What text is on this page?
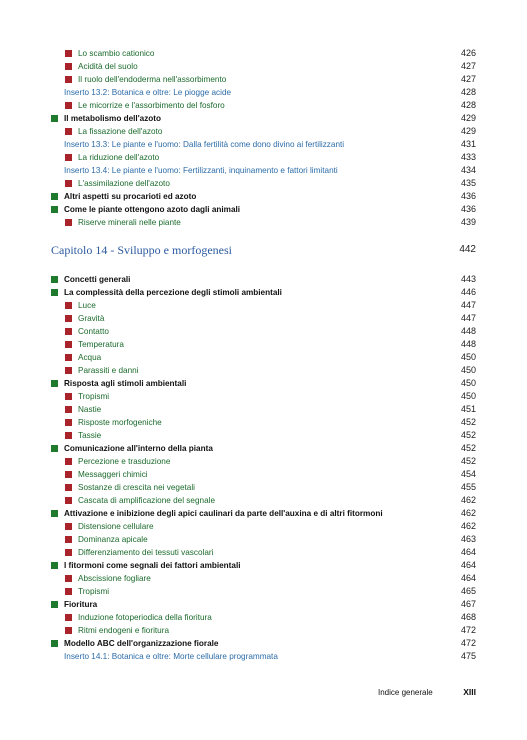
Lo scambio cationico	426
Acidità del suolo	427
Il ruolo dell'endoderma nell'assorbimento	427
Inserto 13.2: Botanica e oltre: Le piogge acide	428
Le micorrize e l'assorbimento del fosforo	428
Il metabolismo dell'azoto	429
La fissazione dell'azoto	429
Inserto 13.3: Le piante e l'uomo: Dalla fertilità come dono divino ai fertilizzanti	431
La riduzione dell'azoto	433
Inserto 13.4: Le piante e l'uomo: Fertilizzanti, inquinamento e fattori limitanti	434
L'assimilazione dell'azoto	435
Altri aspetti su procarioti ed azoto	436
Come le piante ottengono azoto dagli animali	436
Riserve minerali nelle piante	439
Capitolo 14 - Sviluppo e morfogenesi	442
Concetti generali	443
La complessità della percezione degli stimoli ambientali	446
Luce	447
Gravità	447
Contatto	448
Temperatura	448
Acqua	450
Parassiti e danni	450
Risposta agli stimoli ambientali	450
Tropismi	450
Nastie	451
Risposte morfogeniche	452
Tassie	452
Comunicazione all'interno della pianta	452
Percezione e trasduzione	452
Messaggeri chimici	454
Sostanze di crescita nei vegetali	455
Cascata di amplificazione del segnale	462
Attivazione e inibizione degli apici caulinari da parte dell'auxina e di altri fitormoni	462
Distensione cellulare	462
Dominanza apicale	463
Differenziamento dei tessuti vascolari	464
I fitormoni come segnali dei fattori ambientali	464
Abscissione fogliare	464
Tropismi	465
Fioritura	467
Induzione fotoperiodica della fioritura	468
Ritmi endogeni e fioritura	472
Modello ABC dell'organizzazione fiorale	472
Inserto 14.1: Botanica e oltre: Morte cellulare programmata	475
Indice generale	XIII
